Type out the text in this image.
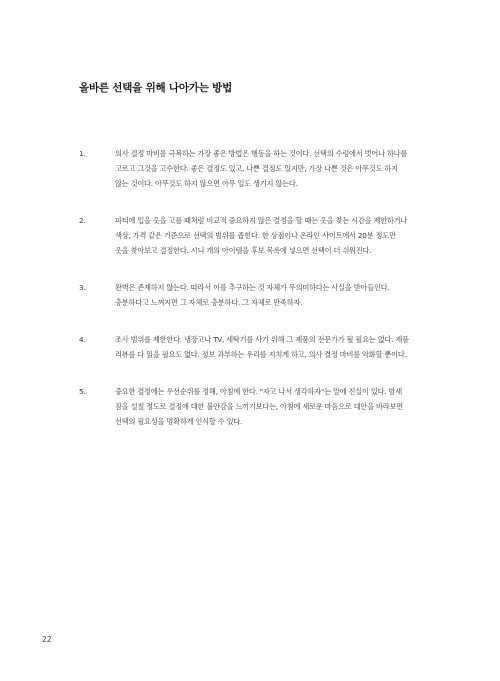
올바른 선택을 위해 나아가는 방법
1.	의사 결정 마비를 극복하는 가장 좋은 방법은 행동을 하는 것이다. 선택의 수렁에서 벗어나 하나를 고르고 그것을 고수한다. 좋은 결정도 있고, 나쁜 결정도 있지만, 가장 나쁜 것은 아무것도 하지 않는 것이다. 아무것도 하지 않으면 아무 일도 생기지 않는다.
2.	파티에 입을 옷을 고를 때처럼 비교적 중요하지 않은 결정을 할 때는 옷을 찾는 시간을 제한하거나 색상, 가격 같은 기준으로 선택의 범위를 좁힌다. 한 상점이나 온라인 사이트에서 20분 정도만 옷을 찾아보고 결정한다. 시니 개의 아이템을 후보 목록에 넣으면 선택이 더 쉬워진다.
3.	완벽은 존재하지 않는다. 따라서 이를 추구하는 것 자체가 무의미하다는 사실을 받아들인다. 충분하다고 느껴지면 그 자체로 충분하다. 그 자체로 만족하자.
4.	조사 범위를 제한한다. 냉장고나 TV, 세탁기를 사기 위해 그 제품의 전문가가 될 필요는 없다. 제품 리뷰를 다 읽을 필요도 없다. 정보 과부하는 우리를 지치게 하고, 의사 결정 마비를 악화할 뿐이다.
5.	중요한 결정에는 우선순위를 정해, 아침에 한다. "자고 나서 생각하자"는 말에 진실이 있다. 밤새 잠을 설칠 정도로 결정에 대한 불안감을 느끼기보다는, 아침에 새로운 마음으로 대안을 바라보면 선택의 필요성을 명확하게 인식할 수 있다.
22
